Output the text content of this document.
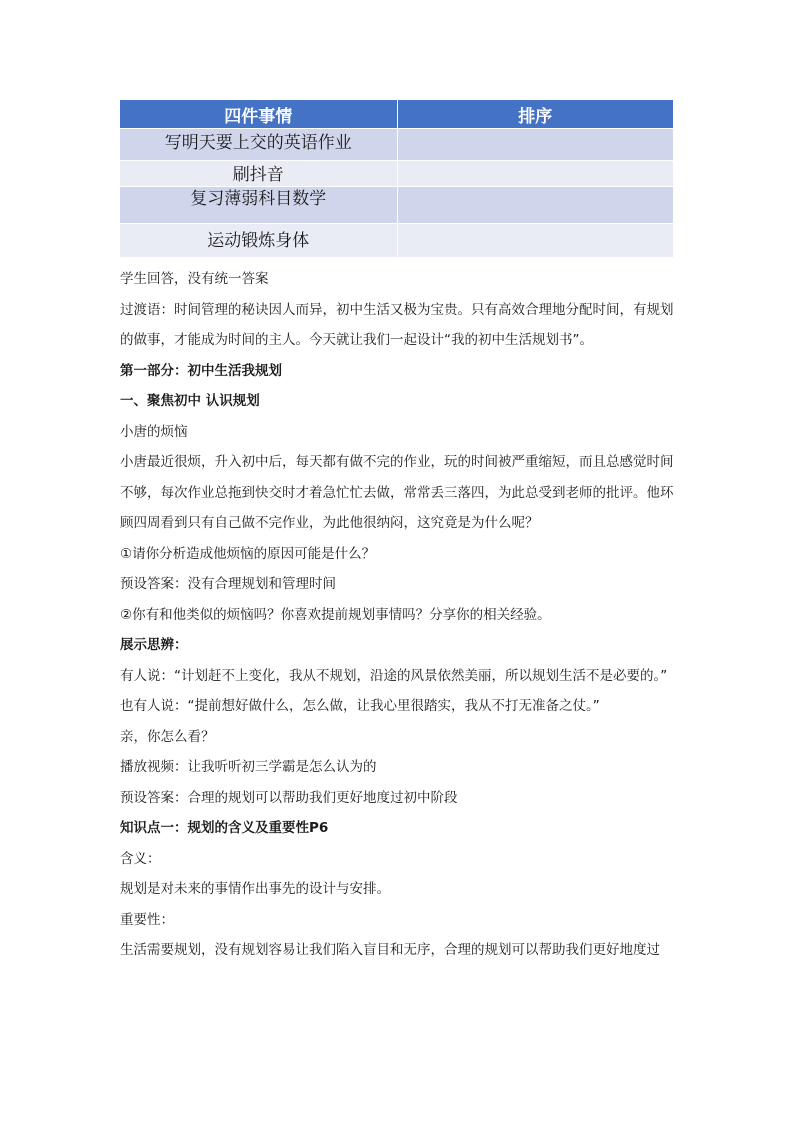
四件事情	排序

写明天要上交的英语作业	

刷抖音	

复习薄弱科目数学	

运动锻炼身体	

学生回答，没有统一答案

过渡语：时间管理的秘诀因人而异，初中生活又极为宝贵。只有高效合理地分配时间，有规划的做事，才能成为时间的主人。今天就让我们一起设计“我的初中生活规划书”。

第一部分：初中生活我规划

一、聚焦初中 认识规划

小唐的烦恼

小唐最近很烦，升入初中后，每天都有做不完的作业，玩的时间被严重缩短，而且总感觉时间不够，每次作业总拖到快交时才着急忙忙去做，常常丢三落四，为此总受到老师的批评。他环顾四周看到只有自己做不完作业，为此他很纳闷，这究竟是为什么呢？

①请你分析造成他烦恼的原因可能是什么？

预设答案：没有合理规划和管理时间

②你有和他类似的烦恼吗？你喜欢提前规划事情吗？分享你的相关经验。

展示思辨：

有人说：“计划赶不上变化，我从不规划，沿途的风景依然美丽，所以规划生活不是必要的。”

也有人说：“提前想好做什么，怎么做，让我心里很踏实，我从不打无准备之仗。”

亲，你怎么看？

播放视频：让我听听初三学霸是怎么认为的

预设答案：合理的规划可以帮助我们更好地度过初中阶段

知识点一：规划的含义及重要性P6

含义：

规划是对未来的事情作出事先的设计与安排。

重要性：

生活需要规划，没有规划容易让我们陷入盲目和无序，合理的规划可以帮助我们更好地度过
